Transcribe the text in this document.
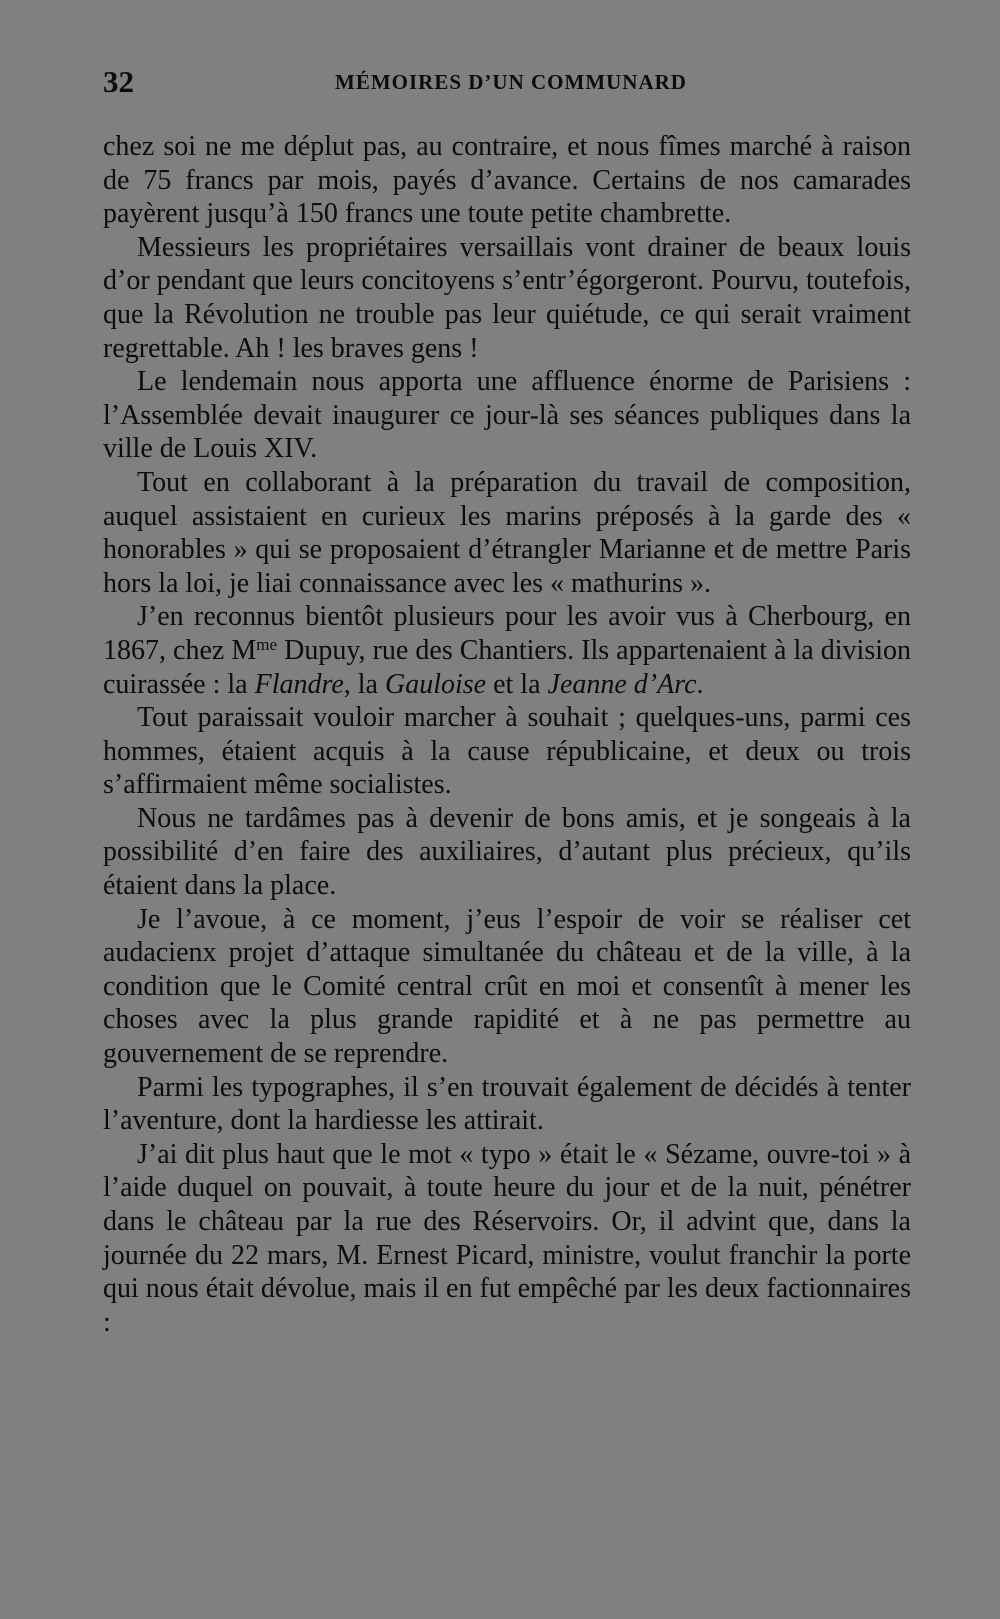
32	MÉMOIRES D’UN COMMUNARD

chez soi ne me déplut pas, au contraire, et nous fîmes marché à raison de 75 francs par mois, payés d’avance. Certains de nos camarades payèrent jusqu’à 150 francs une toute petite chambrette.

Messieurs les propriétaires versaillais vont drainer de beaux louis d’or pendant que leurs concitoyens s’entr’égorgeront. Pourvu, toutefois, que la Révolution ne trouble pas leur quiétude, ce qui serait vraiment regrettable. Ah ! les braves gens !

Le lendemain nous apporta une affluence énorme de Parisiens : l’Assemblée devait inaugurer ce jour-là ses séances publiques dans la ville de Louis XIV.

Tout en collaborant à la préparation du travail de composition, auquel assistaient en curieux les marins préposés à la garde des « honorables » qui se proposaient d’étrangler Marianne et de mettre Paris hors la loi, je liai connaissance avec les « mathurins ».

J’en reconnus bientôt plusieurs pour les avoir vus à Cherbourg, en 1867, chez $M^{me}$ Dupuy, rue des Chantiers. Ils appartenaient à la division cuirassée : la Flandre, la Gauloise et la Jeanne d’Arc.

Tout paraissait vouloir marcher à souhait ; quelques-uns, parmi ces hommes, étaient acquis à la cause républicaine, et deux ou trois s’affirmaient même socialistes.

Nous ne tardâmes pas à devenir de bons amis, et je songeais à la possibilité d’en faire des auxiliaires, d’autant plus précieux, qu’ils étaient dans la place.

Je l’avoue, à ce moment, j’eus l’espoir de voir se réaliser cet audacienx projet d’attaque simultanée du château et de la ville, à la condition que le Comité central crût en moi et consentît à mener les choses avec la plus grande rapidité et à ne pas permettre au gouvernement de se reprendre.

Parmi les typographes, il s’en trouvait également de décidés à tenter l’aventure, dont la hardiesse les attirait.

J’ai dit plus haut que le mot « typo » était le « Sézame, ouvre-toi » à l’aide duquel on pouvait, à toute heure du jour et de la nuit, pénétrer dans le château par la rue des Réservoirs. Or, il advint que, dans la journée du 22 mars, M. Ernest Picard, ministre, voulut franchir la porte qui nous était dévolue, mais il en fut empêché par les deux factionnaires :
